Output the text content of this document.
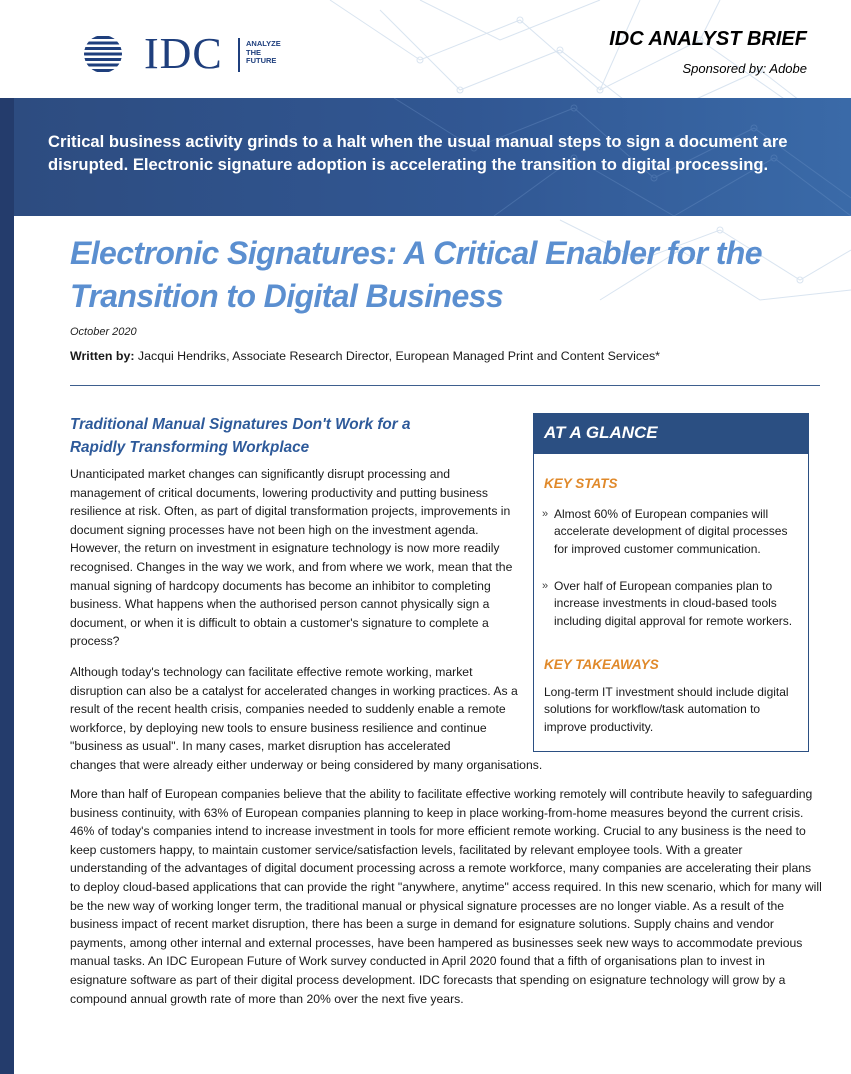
IDC	ANALYZE
THE
FUTURE
IDC ANALYST BRIEF
Sponsored by: Adobe
Critical business activity grinds to a halt when the usual manual steps to sign a document are disrupted. Electronic signature adoption is accelerating the transition to digital processing.
Electronic Signatures: A Critical Enabler for the
Transition to Digital Business
October 2020
Written by: Jacqui Hendriks, Associate Research Director, European Managed Print and Content Services*
Traditional Manual Signatures Don't Work for a
Rapidly Transforming Workplace
Unanticipated market changes can significantly disrupt processing and management of critical documents, lowering productivity and putting business resilience at risk. Often, as part of digital transformation projects, improvements in document signing processes have not been high on the investment agenda. However, the return on investment in esignature technology is now more readily recognised. Changes in the way we work, and from where we work, mean that the manual signing of hardcopy documents has become an inhibitor to completing business. What happens when the authorised person cannot physically sign a document, or when it is difficult to obtain a customer's signature to complete a process?
Although today's technology can facilitate effective remote working, market disruption can also be a catalyst for accelerated changes in working practices. As a result of the recent health crisis, companies needed to suddenly enable a remote workforce, by deploying new tools to ensure business resilience and continue "business as usual". In many cases, market disruption has accelerated
changes that were already either underway or being considered by many organisations.
More than half of European companies believe that the ability to facilitate effective working remotely will contribute heavily to safeguarding business continuity, with 63% of European companies planning to keep in place working-from-home measures beyond the current crisis. 46% of today's companies intend to increase investment in tools for more efficient remote working. Crucial to any business is the need to keep customers happy, to maintain customer service/satisfaction levels, facilitated by relevant employee tools. With a greater understanding of the advantages of digital document processing across a remote workforce, many companies are accelerating their plans to deploy cloud-based applications that can provide the right "anywhere, anytime" access required. In this new scenario, which for many will be the new way of working longer term, the traditional manual or physical signature processes are no longer viable. As a result of the business impact of recent market disruption, there has been a surge in demand for esignature solutions. Supply chains and vendor payments, among other internal and external processes, have been hampered as businesses seek new ways to accommodate previous manual tasks. An IDC European Future of Work survey conducted in April 2020 found that a fifth of organisations plan to invest in esignature software as part of their digital process development. IDC forecasts that spending on esignature technology will grow by a compound annual growth rate of more than 20% over the next five years.
AT A GLANCE
KEY STATS
» Almost 60% of European companies will accelerate development of digital processes for improved customer communication.
» Over half of European companies plan to increase investments in cloud-based tools including digital approval for remote workers.
KEY TAKEAWAYS
Long-term IT investment should include digital solutions for workflow/task automation to improve productivity.
